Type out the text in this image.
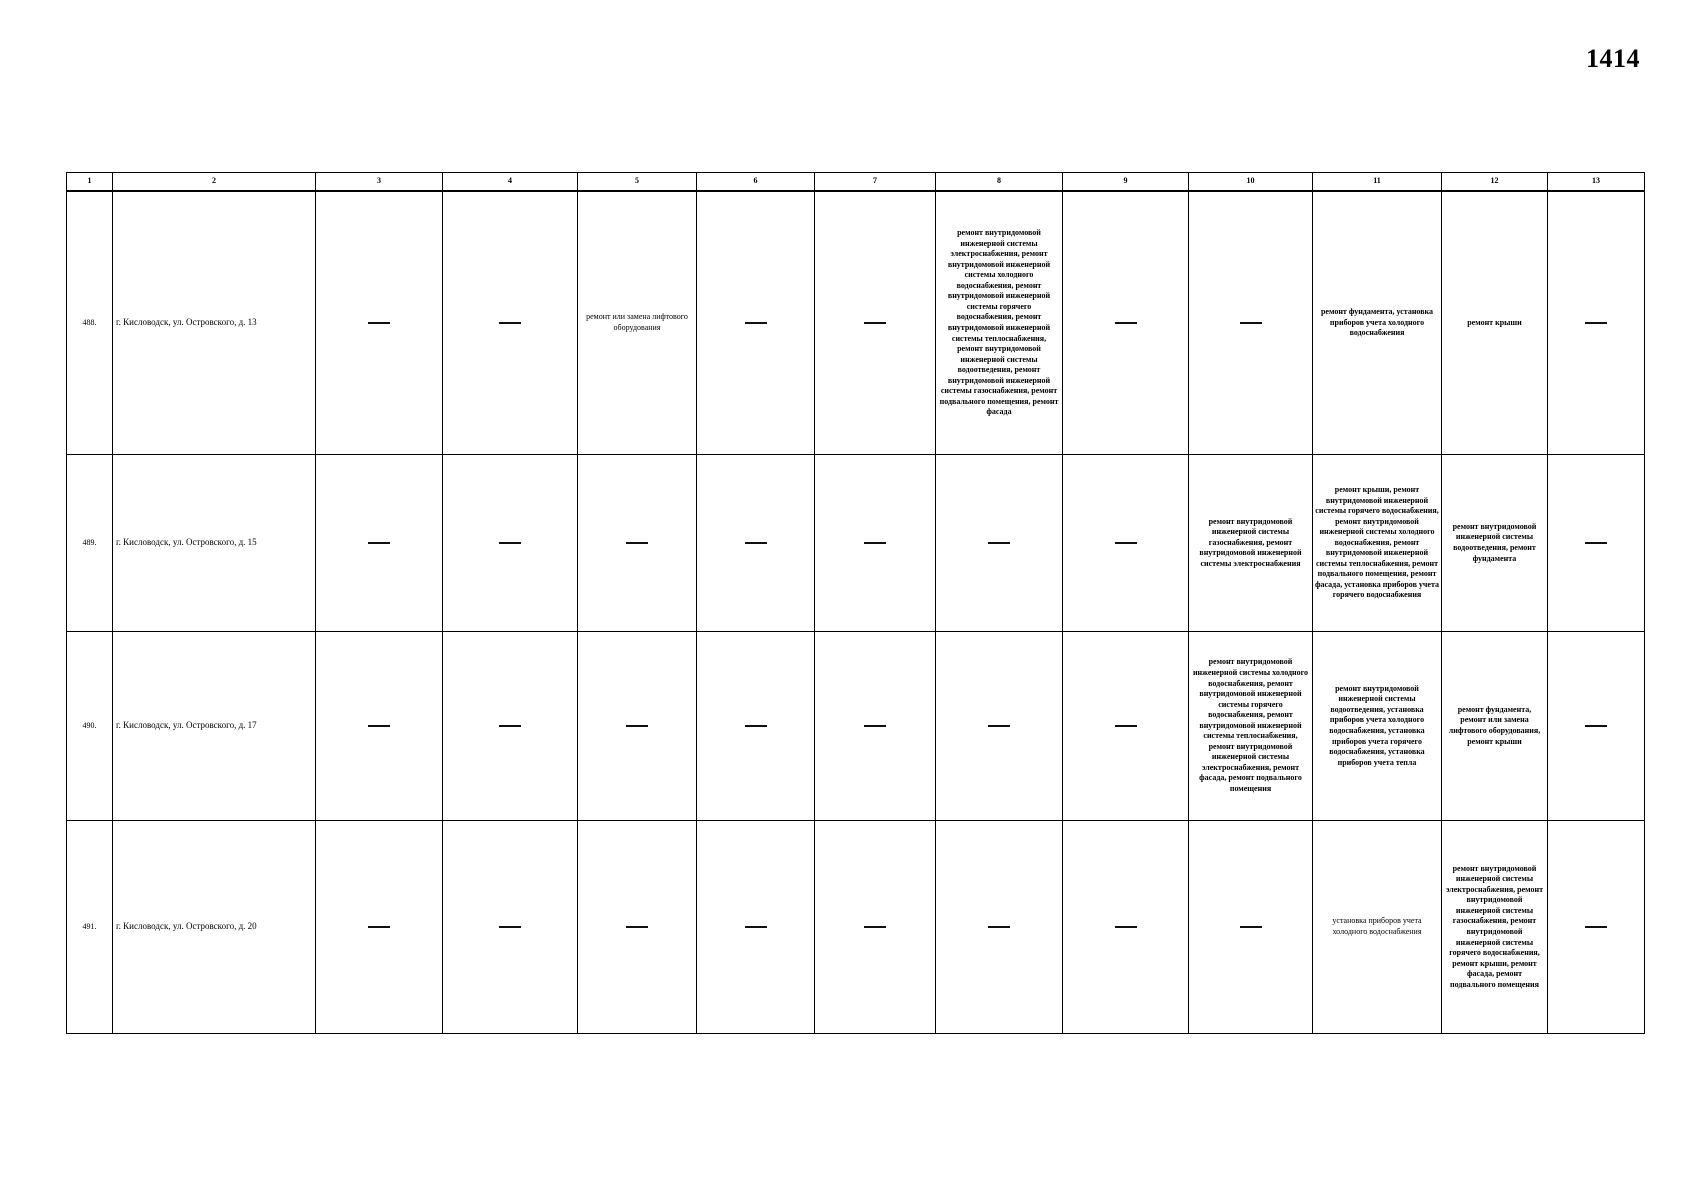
1414
1	2	3	4	5	6	7	8	9	10	11	12	13
488.	г. Кисловодск, ул. Островского, д. 13			ремонт или замена лифтового оборудования			ремонт внутридомовой инженерной системы электроснабжения, ремонт внутридомовой инженерной системы холодного водоснабжения, ремонт внутридомовой инженерной системы горячего водоснабжения, ремонт внутридомовой инженерной системы теплоснабжения, ремонт внутридомовой инженерной системы водоотведения, ремонт внутридомовой инженерной системы газоснабжения, ремонт подвального помещения, ремонт фасада			ремонт фундамента, установка приборов учета холодного водоснабжения	ремонт крыши	
489.	г. Кисловодск, ул. Островского, д. 15								ремонт внутридомовой инженерной системы газоснабжения, ремонт внутридомовой инженерной системы электроснабжения	ремонт крыши, ремонт внутридомовой инженерной системы горячего водоснабжения, ремонт внутридомовой инженерной системы холодного водоснабжения, ремонт внутридомовой инженерной системы теплоснабжения, ремонт подвального помещения, ремонт фасада, установка приборов учета горячего водоснабжения	ремонт внутридомовой инженерной системы водоотведения, ремонт фундамента	
490.	г. Кисловодск, ул. Островского, д. 17								ремонт внутридомовой инженерной системы холодного водоснабжения, ремонт внутридомовой инженерной системы горячего водоснабжения, ремонт внутридомовой инженерной системы теплоснабжения, ремонт внутридомовой инженерной системы электроснабжения, ремонт фасада, ремонт подвального помещения	ремонт внутридомовой инженерной системы водоотведения, установка приборов учета холодного водоснабжения, установка приборов учета горячего водоснабжения, установка приборов учета тепла	ремонт фундамента, ремонт или замена лифтового оборудования, ремонт крыши	
491.	г. Кисловодск, ул. Островского, д. 20									установка приборов учета холодного водоснабжения	ремонт внутридомовой инженерной системы электроснабжения, ремонт внутридомовой инженерной системы газоснабжения, ремонт внутридомовой инженерной системы горячего водоснабжения, ремонт крыши, ремонт фасада, ремонт подвального помещения	
